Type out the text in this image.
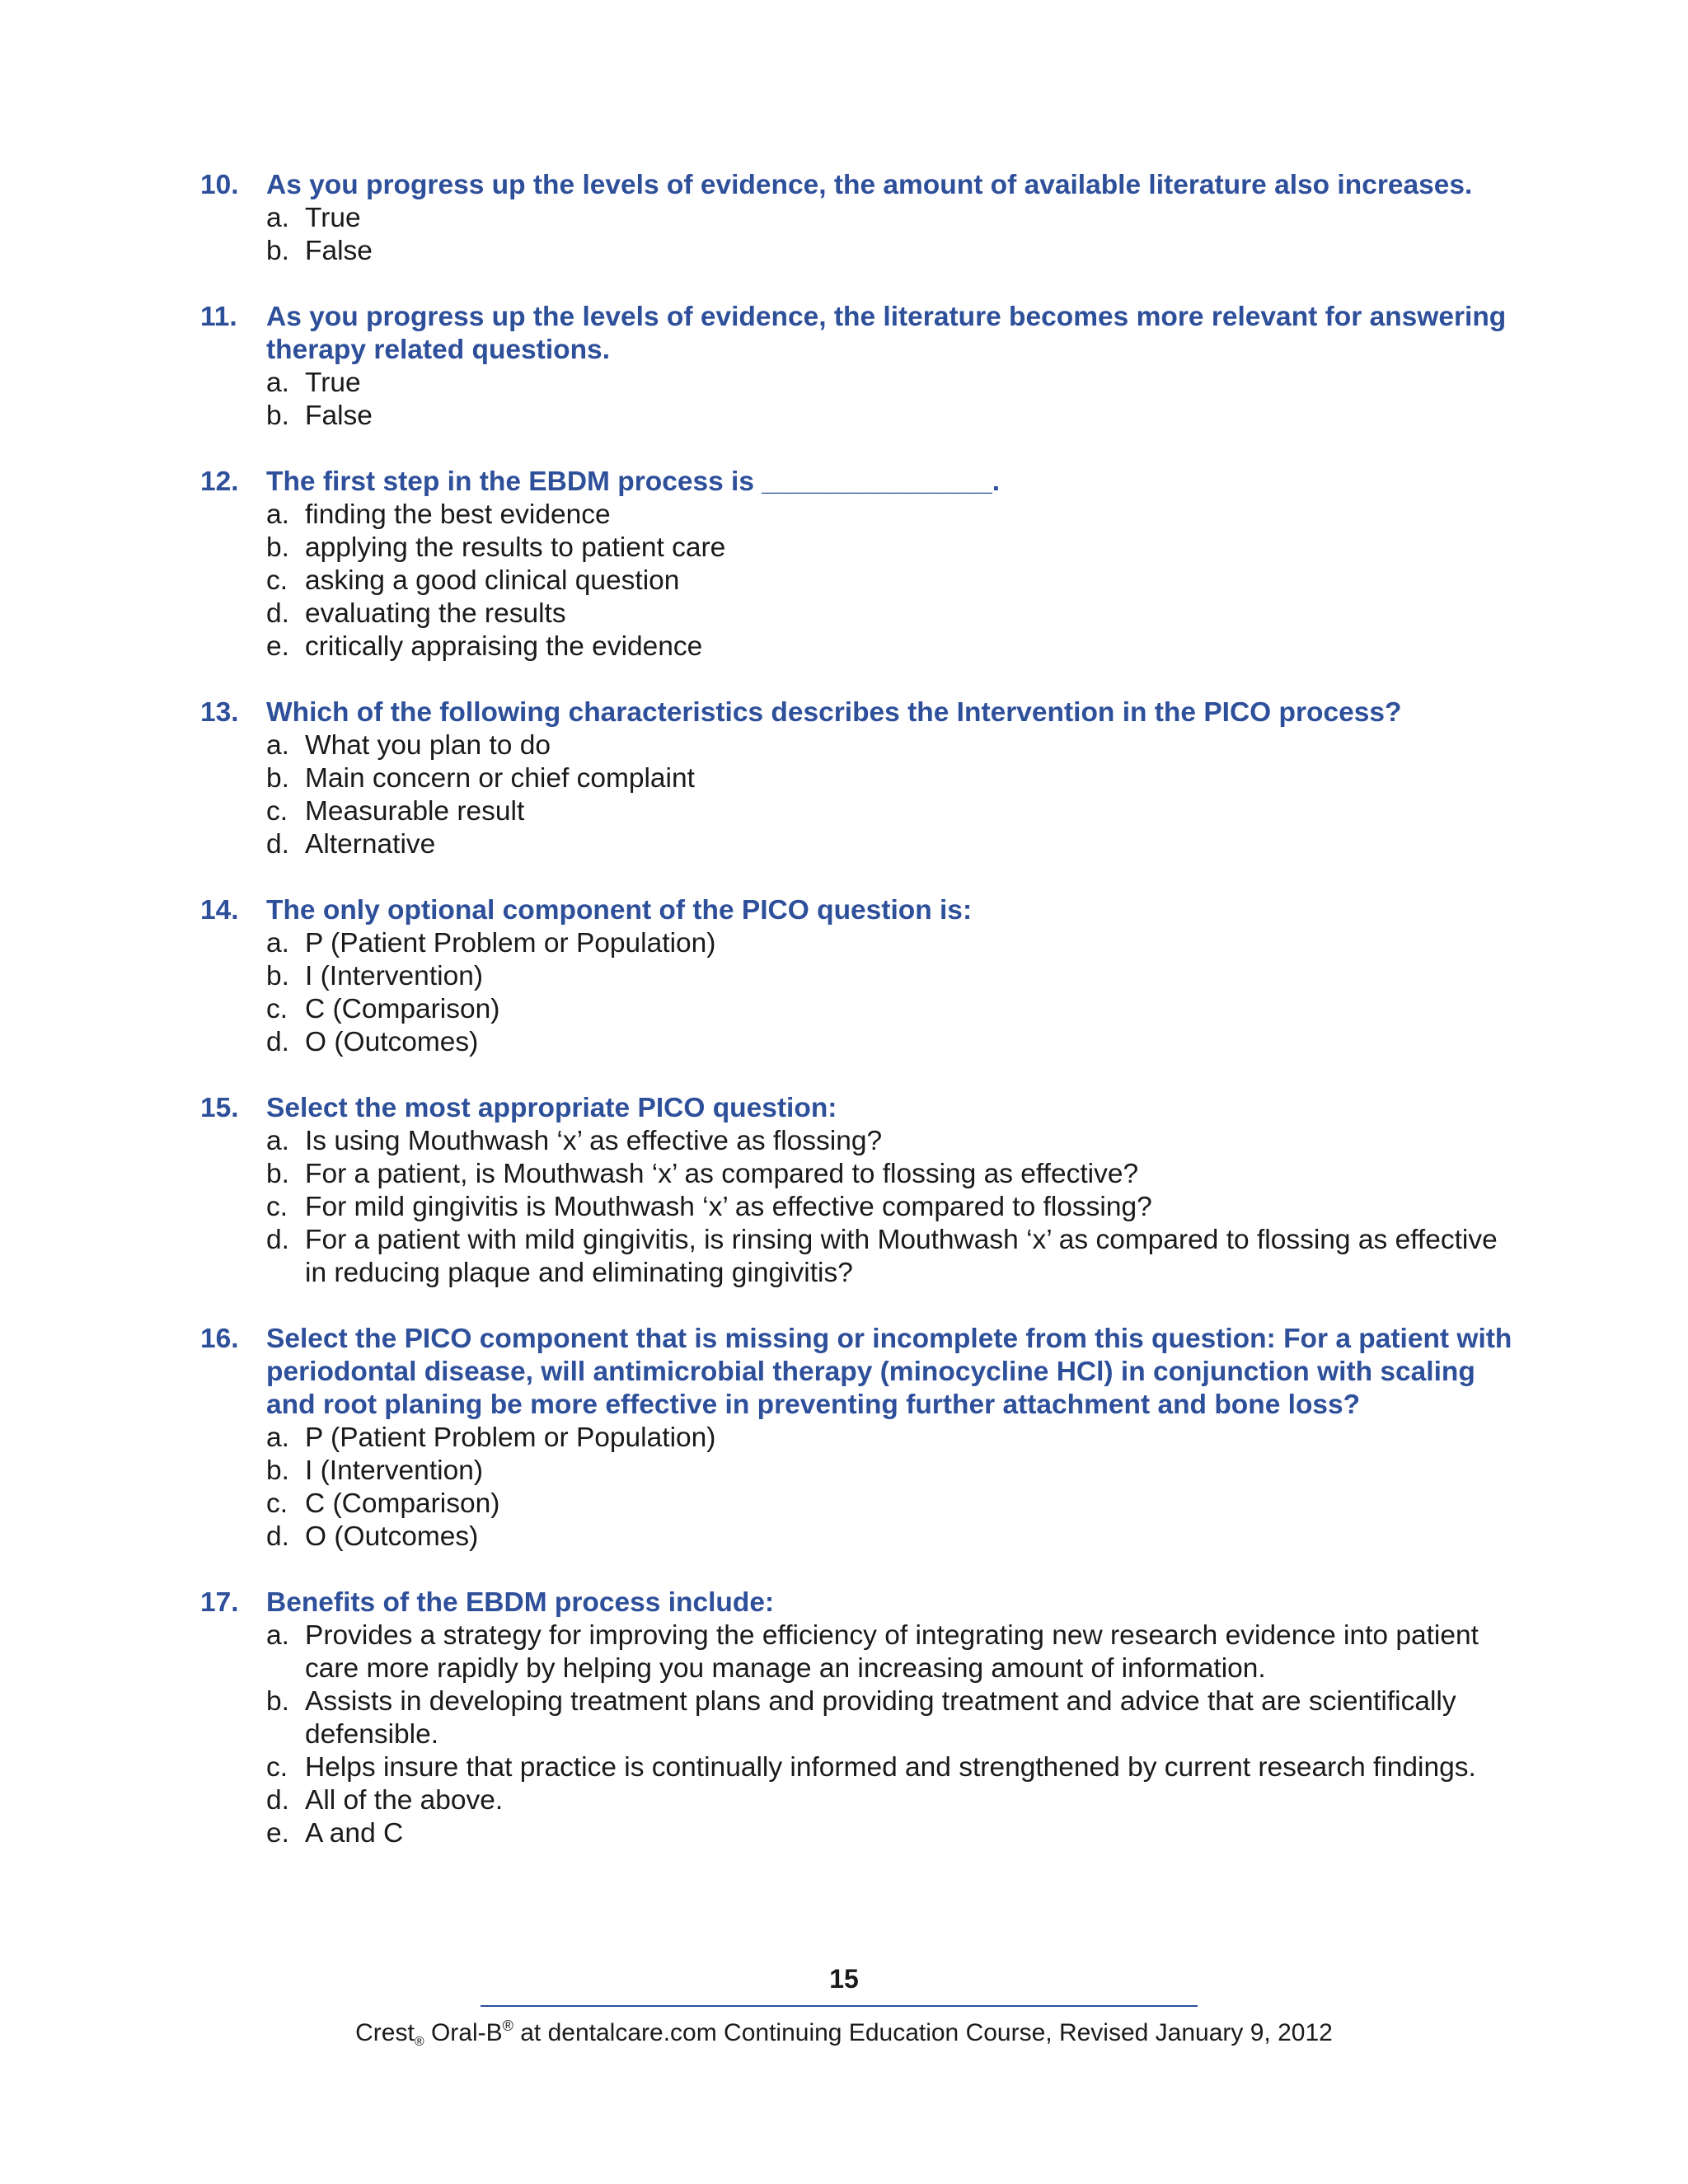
10. As you progress up the levels of evidence, the amount of available literature also increases.
a. True
b. False
11.	As you progress up the levels of evidence, the literature becomes more relevant for answering therapy related questions.
a. True
b. False
12. The first step in the EBDM process is _______________.
a. finding the best evidence
b. applying the results to patient care
c. asking a good clinical question
d. evaluating the results
e. critically appraising the evidence
13. Which of the following characteristics describes the Intervention in the PICO process?
a. What you plan to do
b. Main concern or chief complaint
c. Measurable result
d. Alternative
14. The only optional component of the PICO question is:
a. P (Patient Problem or Population)
b. I (Intervention)
c. C (Comparison)
d. O (Outcomes)
15. Select the most appropriate PICO question:
a. Is using Mouthwash ‘x’ as effective as flossing?
b. For a patient, is Mouthwash ‘x’ as compared to flossing as effective?
c. For mild gingivitis is Mouthwash ‘x’ as effective compared to flossing?
d. For a patient with mild gingivitis, is rinsing with Mouthwash ‘x’ as compared to flossing as effective in reducing plaque and eliminating gingivitis?
16. Select the PICO component that is missing or incomplete from this question: For a patient with periodontal disease, will antimicrobial therapy (minocycline HCl) in conjunction with scaling and root planing be more effective in preventing further attachment and bone loss?
a. P (Patient Problem or Population)
b. I (Intervention)
c. C (Comparison)
d. O (Outcomes)
17. Benefits of the EBDM process include:
a. Provides a strategy for improving the efficiency of integrating new research evidence into patient care more rapidly by helping you manage an increasing amount of information.
b. Assists in developing treatment plans and providing treatment and advice that are scientifically defensible.
c. Helps insure that practice is continually informed and strengthened by current research findings.
d. All of the above.
e. A and C
15
Crest$_®$ Oral-B® at dentalcare.com Continuing Education Course, Revised January 9, 2012
